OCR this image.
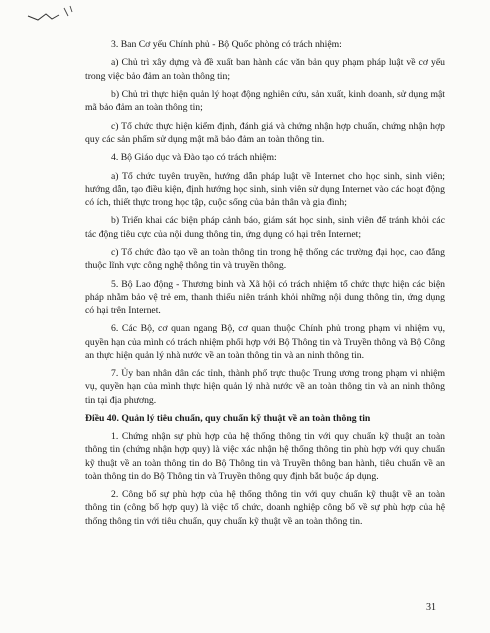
3. Ban Cơ yếu Chính phủ - Bộ Quốc phòng có trách nhiệm:

a) Chủ trì xây dựng và đề xuất ban hành các văn bản quy phạm pháp luật về cơ yếu trong việc bảo đảm an toàn thông tin;

b) Chủ trì thực hiện quản lý hoạt động nghiên cứu, sản xuất, kinh doanh, sử dụng mật mã bảo đảm an toàn thông tin;

c) Tổ chức thực hiện kiểm định, đánh giá và chứng nhận hợp chuẩn, chứng nhận hợp quy các sản phẩm sử dụng mật mã bảo đảm an toàn thông tin.

4. Bộ Giáo dục và Đào tạo có trách nhiệm:

a) Tổ chức tuyên truyền, hướng dẫn pháp luật về Internet cho học sinh, sinh viên; hướng dẫn, tạo điều kiện, định hướng học sinh, sinh viên sử dụng Internet vào các hoạt động có ích, thiết thực trong học tập, cuộc sống của bản thân và gia đình;

b) Triển khai các biện pháp cảnh báo, giám sát học sinh, sinh viên để tránh khỏi các tác động tiêu cực của nội dung thông tin, ứng dụng có hại trên Internet;

c) Tổ chức đào tạo về an toàn thông tin trong hệ thống các trường đại học, cao đẳng thuộc lĩnh vực công nghệ thông tin và truyền thông.

5. Bộ Lao động - Thương binh và Xã hội có trách nhiệm tổ chức thực hiện các biện pháp nhằm bảo vệ trẻ em, thanh thiếu niên tránh khỏi những nội dung thông tin, ứng dụng có hại trên Internet.

6. Các Bộ, cơ quan ngang Bộ, cơ quan thuộc Chính phủ trong phạm vi nhiệm vụ, quyền hạn của mình có trách nhiệm phối hợp với Bộ Thông tin và Truyền thông và Bộ Công an thực hiện quản lý nhà nước về an toàn thông tin và an ninh thông tin.

7. Ủy ban nhân dân các tỉnh, thành phố trực thuộc Trung ương trong phạm vi nhiệm vụ, quyền hạn của mình thực hiện quản lý nhà nước về an toàn thông tin và an ninh thông tin tại địa phương.

Điều 40. Quản lý tiêu chuẩn, quy chuẩn kỹ thuật về an toàn thông tin

1. Chứng nhận sự phù hợp của hệ thống thông tin với quy chuẩn kỹ thuật an toàn thông tin (chứng nhận hợp quy) là việc xác nhận hệ thống thông tin phù hợp với quy chuẩn kỹ thuật về an toàn thông tin do Bộ Thông tin và Truyền thông ban hành, tiêu chuẩn về an toàn thông tin do Bộ Thông tin và Truyền thông quy định bắt buộc áp dụng.

2. Công bố sự phù hợp của hệ thống thông tin với quy chuẩn kỹ thuật về an toàn thông tin (công bố hợp quy) là việc tổ chức, doanh nghiệp công bố về sự phù hợp của hệ thống thông tin với tiêu chuẩn, quy chuẩn kỹ thuật về an toàn thông tin.

31
